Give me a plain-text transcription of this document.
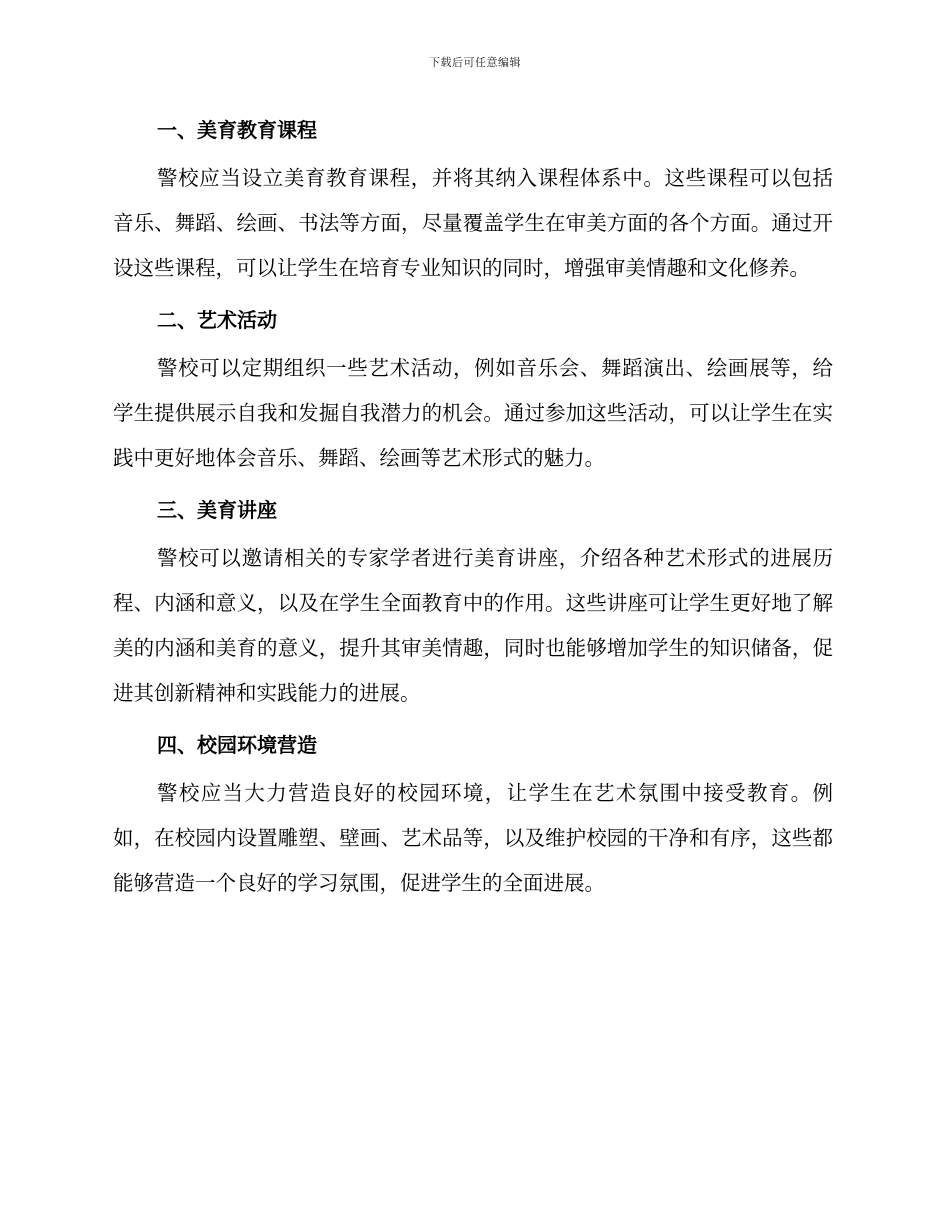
下载后可任意编辑
一、美育教育课程

警校应当设立美育教育课程，并将其纳入课程体系中。这些课程可以包括音乐、舞蹈、绘画、书法等方面，尽量覆盖学生在审美方面的各个方面。通过开设这些课程，可以让学生在培育专业知识的同时，增强审美情趣和文化修养。

二、艺术活动

警校可以定期组织一些艺术活动，例如音乐会、舞蹈演出、绘画展等，给学生提供展示自我和发掘自我潜力的机会。通过参加这些活动，可以让学生在实践中更好地体会音乐、舞蹈、绘画等艺术形式的魅力。

三、美育讲座

警校可以邀请相关的专家学者进行美育讲座，介绍各种艺术形式的进展历程、内涵和意义，以及在学生全面教育中的作用。这些讲座可让学生更好地了解美的内涵和美育的意义，提升其审美情趣，同时也能够增加学生的知识储备，促进其创新精神和实践能力的进展。

四、校园环境营造

警校应当大力营造良好的校园环境，让学生在艺术氛围中接受教育。例如，在校园内设置雕塑、壁画、艺术品等，以及维护校园的干净和有序，这些都能够营造一个良好的学习氛围，促进学生的全面进展。
